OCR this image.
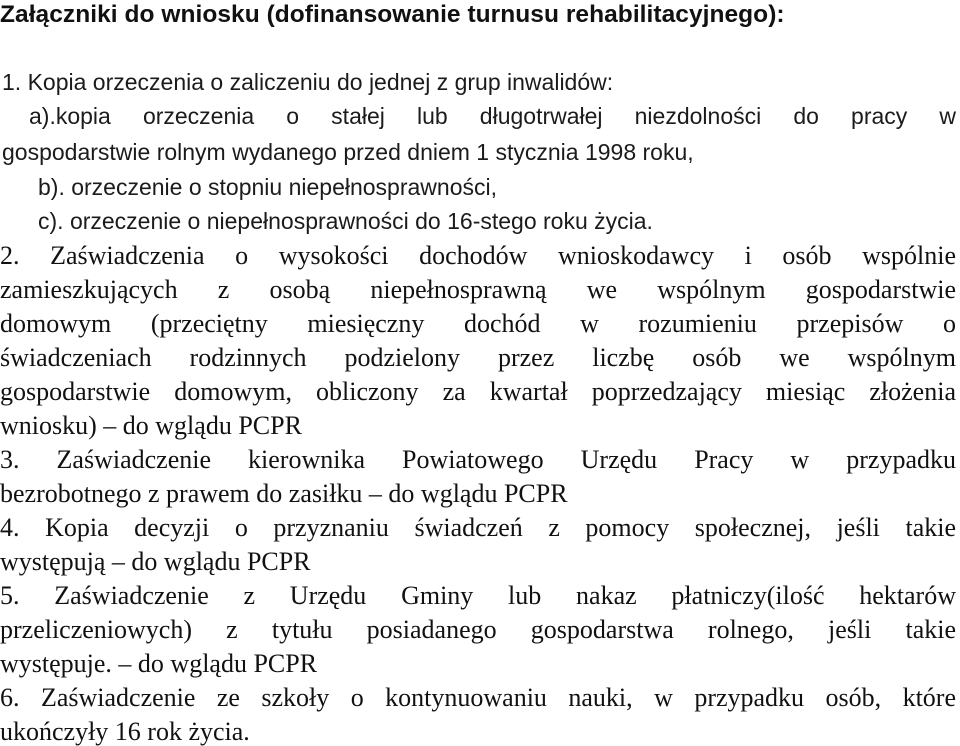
Załączniki do wniosku (dofinansowanie turnusu rehabilitacyjnego):
1. Kopia orzeczenia o zaliczeniu do jednej z grup inwalidów:
a).kopia orzeczenia o stałej lub długotrwałej niezdolności do pracy w
gospodarstwie rolnym wydanego przed dniem 1 stycznia 1998 roku,
b). orzeczenie o stopniu niepełnosprawności,
c). orzeczenie o niepełnosprawności do 16-stego roku życia.
2. Zaświadczenia o wysokości dochodów wnioskodawcy i osób wspólnie
zamieszkujących z osobą niepełnosprawną we wspólnym gospodarstwie
domowym (przeciętny miesięczny dochód w rozumieniu przepisów o
świadczeniach rodzinnych podzielony przez liczbę osób we wspólnym
gospodarstwie domowym, obliczony za kwartał poprzedzający miesiąc złożenia
wniosku) – do wglądu PCPR
3. Zaświadczenie kierownika Powiatowego Urzędu Pracy w przypadku
bezrobotnego z prawem do zasiłku – do wglądu PCPR
4. Kopia decyzji o przyznaniu świadczeń z pomocy społecznej, jeśli takie
występują – do wglądu PCPR
5. Zaświadczenie z Urzędu Gminy lub nakaz płatniczy(ilość hektarów
przeliczeniowych) z tytułu posiadanego gospodarstwa rolnego, jeśli takie
występuje. – do wglądu PCPR
6. Zaświadczenie ze szkoły o kontynuowaniu nauki, w przypadku osób, które
ukończyły 16 rok życia.
